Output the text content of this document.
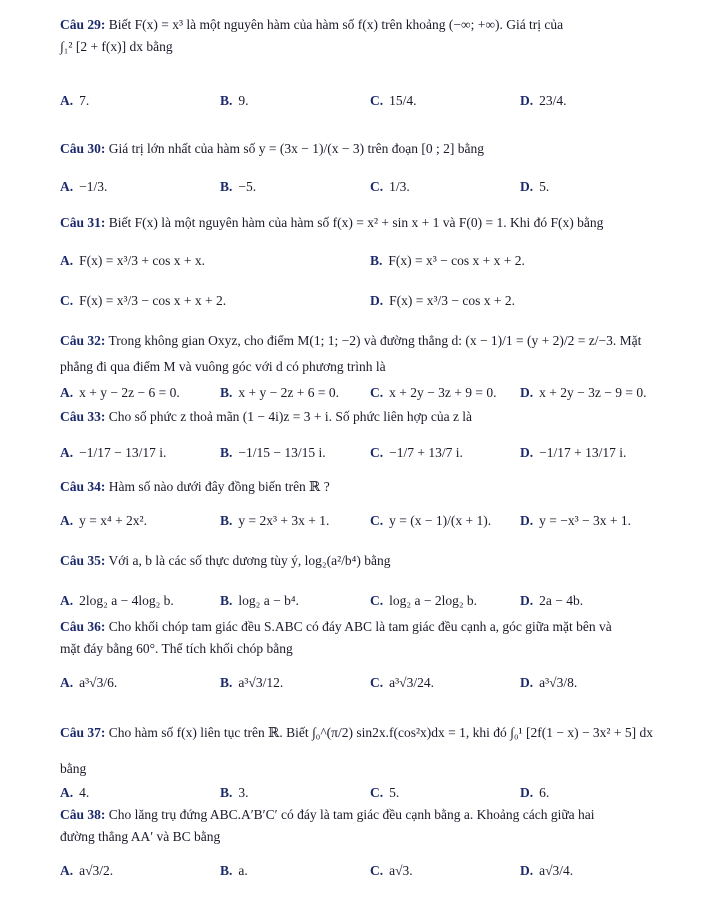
Câu 29: Biết F(x) = x³ là một nguyên hàm của hàm số f(x) trên khoảng (−∞; +∞). Giá trị của
∫₁² [2 + f(x)] dx bằng
A. 7.	B. 9.	C. 15/4.	D. 23/4.
Câu 30: Giá trị lớn nhất của hàm số y = (3x − 1)/(x − 3) trên đoạn [0 ; 2] bằng
A. −1/3.	B. −5.	C. 1/3.	D. 5.
Câu 31: Biết F(x) là một nguyên hàm của hàm số f(x) = x² + sin x + 1 và F(0) = 1. Khi đó F(x) bằng
A. F(x) = x³/3 + cos x + x.	B. F(x) = x³ − cos x + x + 2.
C. F(x) = x³/3 − cos x + x + 2.	D. F(x) = x³/3 − cos x + 2.
Câu 32: Trong không gian Oxyz, cho điểm M(1; 1; −2) và đường thẳng d: (x − 1)/1 = (y + 2)/2 = z/−3. Mặt
phẳng đi qua điểm M và vuông góc với d có phương trình là
A. x + y − 2z − 6 = 0.	B. x + y − 2z + 6 = 0. C. x + 2y − 3z + 9 = 0. D. x + 2y − 3z − 9 = 0.
Câu 33: Cho số phức z thoả mãn (1 − 4i)z = 3 + i. Số phức liên hợp của z là
A. −1/17 − 13/17 i.	B. −1/15 − 13/15 i.	C. −1/7 + 13/7 i.	D. −1/17 + 13/17 i.
Câu 34: Hàm số nào dưới đây đồng biến trên ℝ ?
A. y = x⁴ + 2x².	B. y = 2x³ + 3x + 1.	C. y = (x − 1)/(x + 1). D. y = −x³ − 3x + 1.
Câu 35: Với a, b là các số thực dương tùy ý, log₂(a²/b⁴) bằng
A. 2log₂ a − 4log₂ b.	B. log₂ a − b⁴.	C. log₂ a − 2log₂ b.	D. 2a − 4b.
Câu 36: Cho khối chóp tam giác đều S.ABC có đáy ABC là tam giác đều cạnh a, góc giữa mặt bên và
mặt đáy bằng 60°. Thể tích khối chóp bằng
A. a³√3/6.	B. a³√3/12.	C. a³√3/24.	D. a³√3/8.
Câu 37: Cho hàm số f(x) liên tục trên ℝ. Biết ∫₀^(π/2) sin2x.f(cos²x)dx = 1, khi đó ∫₀¹ [2f(1 − x) − 3x² + 5] dx
bằng
A. 4.	B. 3.	C. 5.	D. 6.
Câu 38: Cho lăng trụ đứng ABC.A′B′C′ có đáy là tam giác đều cạnh bằng a. Khoảng cách giữa hai
đường thẳng AA′ và BC bằng
A. a√3/2.	B. a.	C. a√3.	D. a√3/4.
